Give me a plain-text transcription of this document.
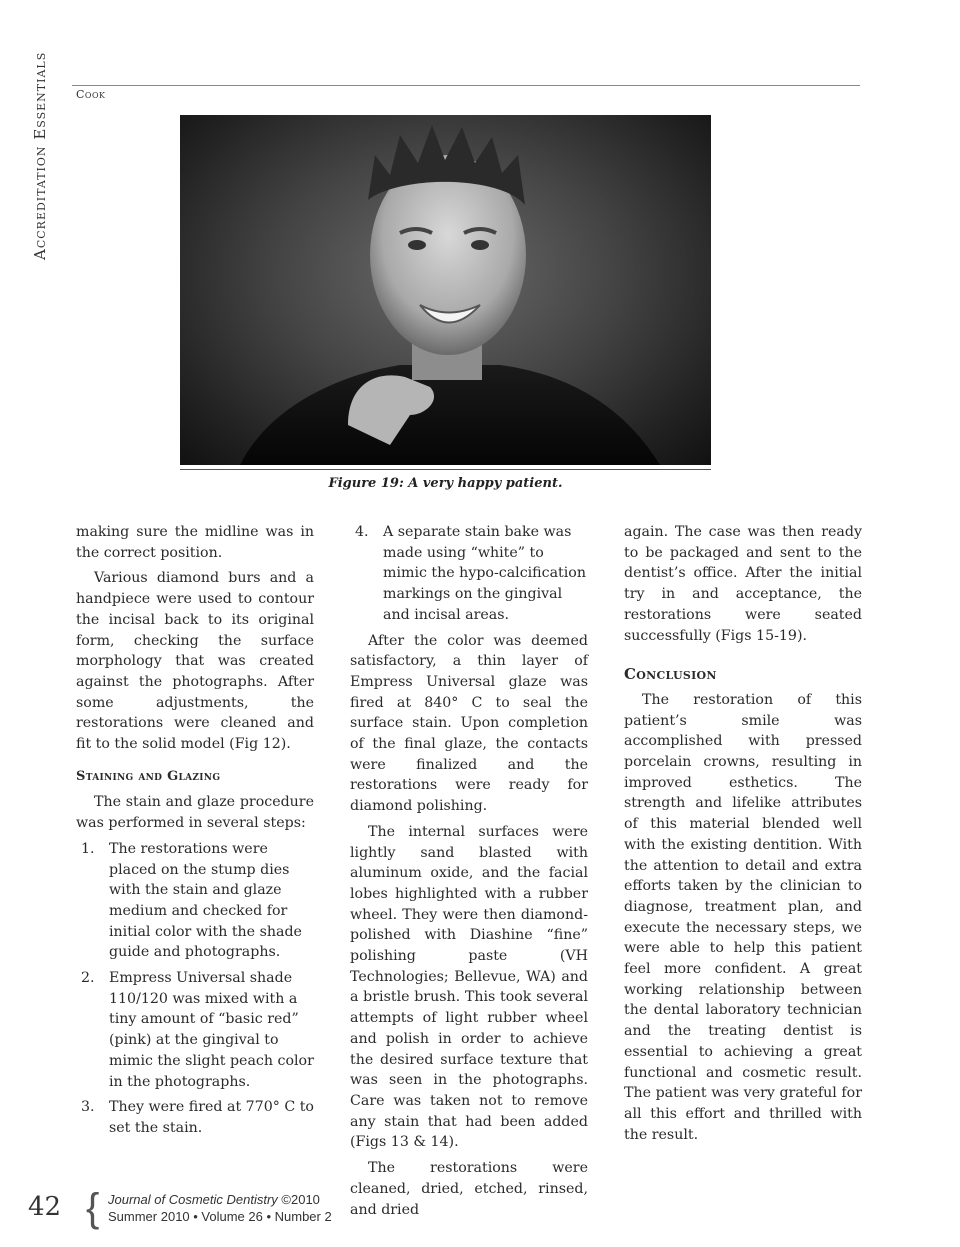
Accreditation Essentials Cook
Figure 19: A very happy patient.

making sure the midline was in the correct position.

Various diamond burs and a handpiece were used to contour the incisal back to its original form, checking the surface morphology that was created against the photographs. After some adjustments, the restorations were cleaned and fit to the solid model (Fig 12).

Staining and Glazing

The stain and glaze procedure was performed in several steps:

1. The restorations were placed on the stump dies with the stain and glaze medium and checked for initial color with the shade guide and photographs.
2. Empress Universal shade 110/120 was mixed with a tiny amount of “basic red” (pink) at the gingival to mimic the slight peach color in the photographs.
3. They were fired at 770° C to set the stain.
4. A separate stain bake was made using “white” to mimic the hypo-calcification markings on the gingival and incisal areas.

After the color was deemed satisfactory, a thin layer of Empress Universal glaze was fired at 840° C to seal the surface stain. Upon completion of the final glaze, the contacts were finalized and the restorations were ready for diamond polishing.

The internal surfaces were lightly sand blasted with aluminum oxide, and the facial lobes highlighted with a rubber wheel. They were then diamond-polished with Diashine “fine” polishing paste (VH Technologies; Bellevue, WA) and a bristle brush. This took several attempts of light rubber wheel and polish in order to achieve the desired surface texture that was seen in the photographs. Care was taken not to remove any stain that had been added (Figs 13 & 14).

The restorations were cleaned, dried, etched, rinsed, and dried

again. The case was then ready to be packaged and sent to the dentist’s office. After the initial try in and acceptance, the restorations were seated successfully (Figs 15-19).

Conclusion

The restoration of this patient’s smile was accomplished with pressed porcelain crowns, resulting in improved esthetics. The strength and lifelike attributes of this material blended well with the existing dentition. With the attention to detail and extra efforts taken by the clinician to diagnose, treatment plan, and execute the necessary steps, we were able to help this patient feel more confident. A great working relationship between the dental laboratory technician and the treating dentist is essential to achieving a great functional and cosmetic result. The patient was very grateful for all this effort and thrilled with the result.

42 { Journal of Cosmetic Dentistry ©2010
Summer 2010 • Volume 26 • Number 2
